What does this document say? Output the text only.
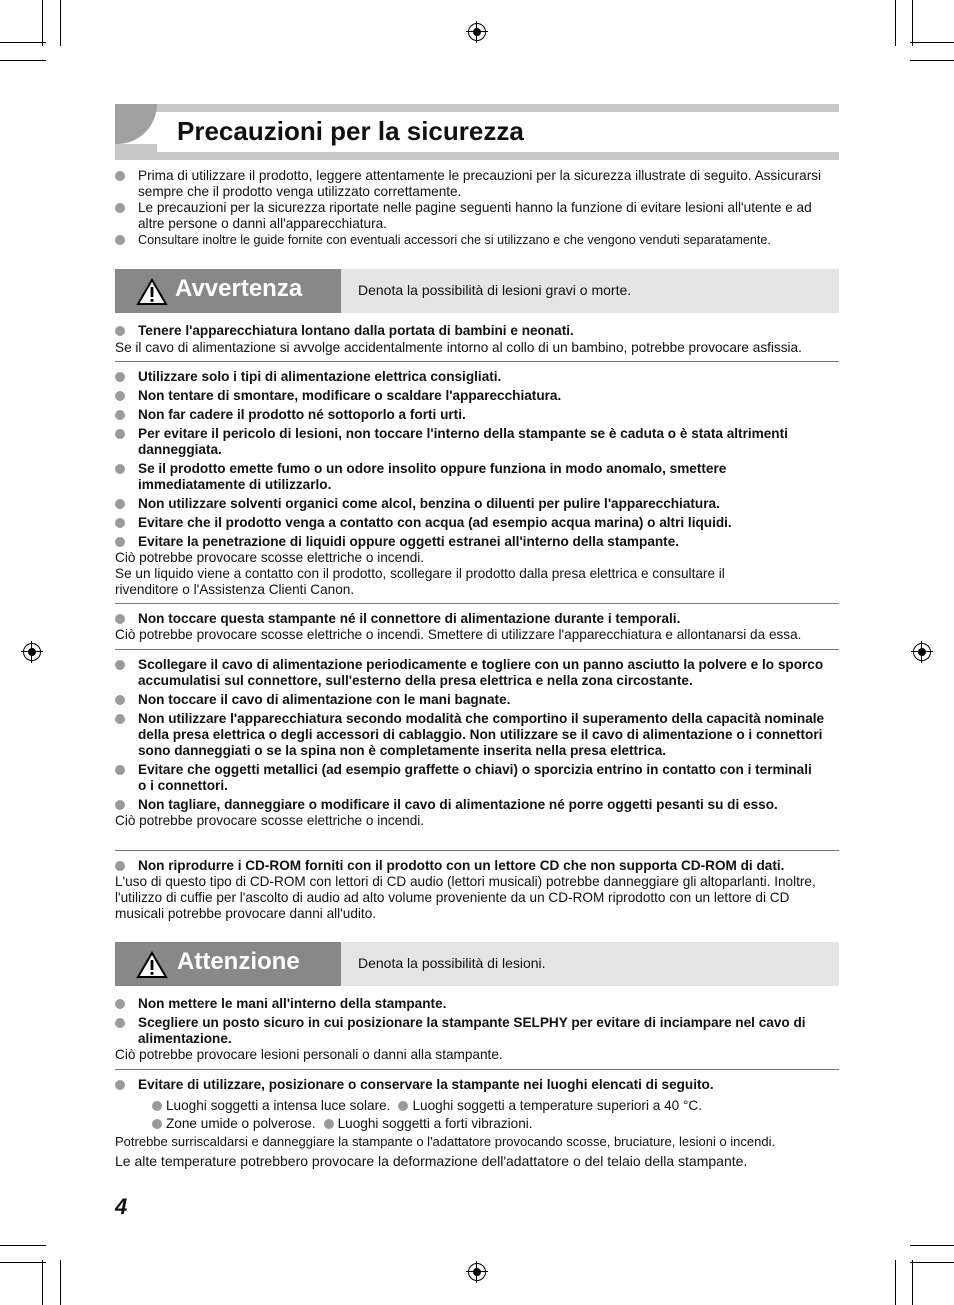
Precauzioni per la sicurezza
Prima di utilizzare il prodotto, leggere attentamente le precauzioni per la sicurezza illustrate di seguito. Assicurarsi sempre che il prodotto venga utilizzato correttamente.
Le precauzioni per la sicurezza riportate nelle pagine seguenti hanno la funzione di evitare lesioni all'utente e ad altre persone o danni all'apparecchiatura.
Consultare inoltre le guide fornite con eventuali accessori che si utilizzano e che vengono venduti separatamente.
Avvertenza	Denota la possibilità di lesioni gravi o morte.
Tenere l'apparecchiatura lontano dalla portata di bambini e neonati.
Se il cavo di alimentazione si avvolge accidentalmente intorno al collo di un bambino, potrebbe provocare asfissia.
Utilizzare solo i tipi di alimentazione elettrica consigliati.
Non tentare di smontare, modificare o scaldare l'apparecchiatura.
Non far cadere il prodotto né sottoporlo a forti urti.
Per evitare il pericolo di lesioni, non toccare l'interno della stampante se è caduta o è stata altrimenti danneggiata.
Se il prodotto emette fumo o un odore insolito oppure funziona in modo anomalo, smettere immediatamente di utilizzarlo.
Non utilizzare solventi organici come alcol, benzina o diluenti per pulire l'apparecchiatura.
Evitare che il prodotto venga a contatto con acqua (ad esempio acqua marina) o altri liquidi.
Evitare la penetrazione di liquidi oppure oggetti estranei all'interno della stampante.
Ciò potrebbe provocare scosse elettriche o incendi.
Se un liquido viene a contatto con il prodotto, scollegare il prodotto dalla presa elettrica e consultare il rivenditore o l'Assistenza Clienti Canon.
Non toccare questa stampante né il connettore di alimentazione durante i temporali.
Ciò potrebbe provocare scosse elettriche o incendi. Smettere di utilizzare l'apparecchiatura e allontanarsi da essa.
Scollegare il cavo di alimentazione periodicamente e togliere con un panno asciutto la polvere e lo sporco accumulatisi sul connettore, sull'esterno della presa elettrica e nella zona circostante.
Non toccare il cavo di alimentazione con le mani bagnate.
Non utilizzare l'apparecchiatura secondo modalità che comportino il superamento della capacità nominale della presa elettrica o degli accessori di cablaggio. Non utilizzare se il cavo di alimentazione o i connettori sono danneggiati o se la spina non è completamente inserita nella presa elettrica.
Evitare che oggetti metallici (ad esempio graffette o chiavi) o sporcizia entrino in contatto con i terminali o i connettori.
Non tagliare, danneggiare o modificare il cavo di alimentazione né porre oggetti pesanti su di esso.
Ciò potrebbe provocare scosse elettriche o incendi.
Non riprodurre i CD-ROM forniti con il prodotto con un lettore CD che non supporta CD-ROM di dati.
L'uso di questo tipo di CD-ROM con lettori di CD audio (lettori musicali) potrebbe danneggiare gli altoparlanti. Inoltre, l'utilizzo di cuffie per l'ascolto di audio ad alto volume proveniente da un CD-ROM riprodotto con un lettore di CD musicali potrebbe provocare danni all'udito.
Attenzione	Denota la possibilità di lesioni.
Non mettere le mani all'interno della stampante.
Scegliere un posto sicuro in cui posizionare la stampante SELPHY per evitare di inciampare nel cavo di alimentazione.
Ciò potrebbe provocare lesioni personali o danni alla stampante.
Evitare di utilizzare, posizionare o conservare la stampante nei luoghi elencati di seguito.
Luoghi soggetti a intensa luce solare. Luoghi soggetti a temperature superiori a 40 °C.
Zone umide o polverose. Luoghi soggetti a forti vibrazioni.
Potrebbe surriscaldarsi e danneggiare la stampante o l'adattatore provocando scosse, bruciature, lesioni o incendi.
Le alte temperature potrebbero provocare la deformazione dell'adattatore o del telaio della stampante.
4
